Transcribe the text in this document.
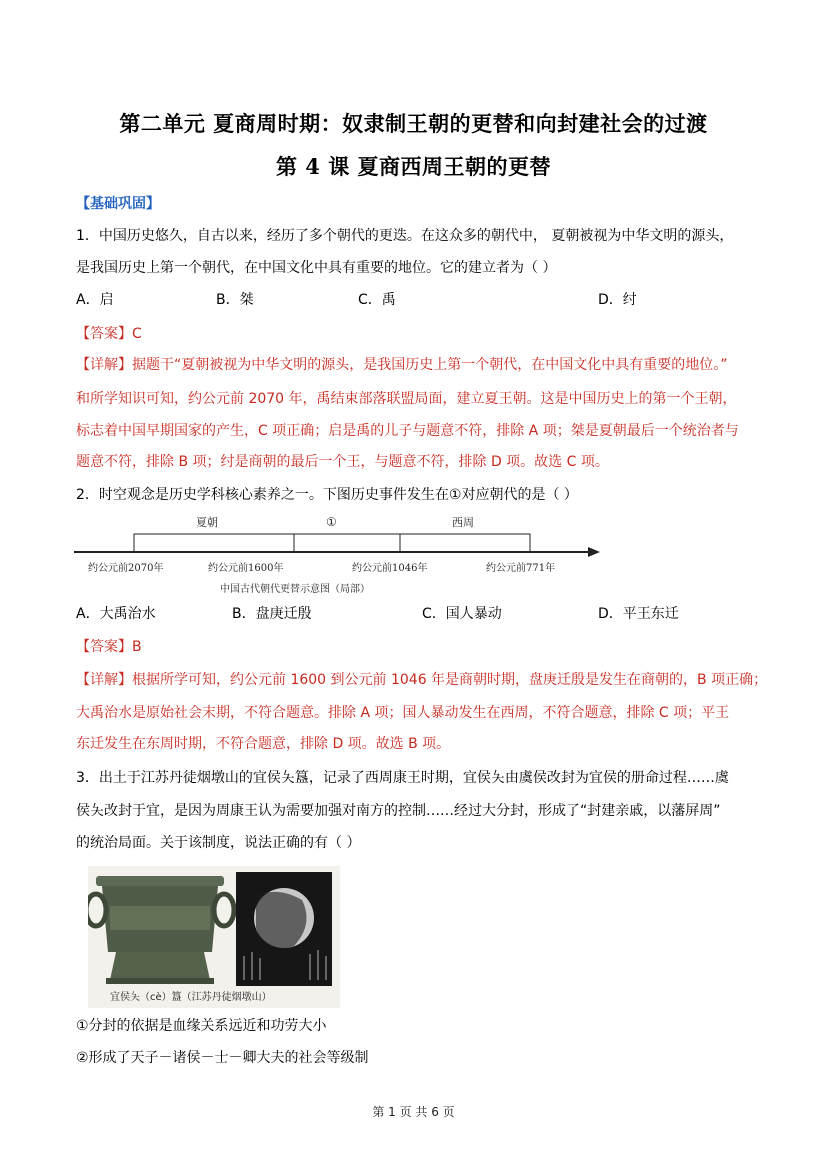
第二单元 夏商周时期：奴隶制王朝的更替和向封建社会的过渡
第 4 课 夏商西周王朝的更替
【基础巩固】
1．中国历史悠久，自古以来，经历了多个朝代的更迭。在这众多的朝代中， 夏朝被视为中华文明的源头，
是我国历史上第一个朝代，在中国文化中具有重要的地位。它的建立者为（ ）
A．启	B．桀	C．禹	D．纣
【答案】C
【详解】据题干“夏朝被视为中华文明的源头，是我国历史上第一个朝代，在中国文化中具有重要的地位。”
和所学知识可知，约公元前 2070 年，禹结束部落联盟局面，建立夏王朝。这是中国历史上的第一个王朝，
标志着中国早期国家的产生，C 项正确；启是禹的儿子与题意不符，排除 A 项；桀是夏朝最后一个统治者与
题意不符，排除 B 项；纣是商朝的最后一个王，与题意不符，排除 D 项。故选 C 项。
2．时空观念是历史学科核心素养之一。下图历史事件发生在①对应朝代的是（ ）
夏朝	①	西周
约公元前2070年	约公元前1600年	约公元前1046年	约公元前771年
中国古代朝代更替示意图（局部）
A．大禹治水	B．盘庚迁殷	C．国人暴动	D．平王东迁
【答案】B
【详解】根据所学可知，约公元前 1600 到公元前 1046 年是商朝时期，盘庚迁殷是发生在商朝的，B 项正确；
大禹治水是原始社会末期，不符合题意。排除 A 项；国人暴动发生在西周，不符合题意，排除 C 项；平王
东迁发生在东周时期，不符合题意，排除 D 项。故选 B 项。
3．出土于江苏丹徒烟墩山的宜侯夨簋，记录了西周康王时期，宜侯夨由虞侯改封为宜侯的册命过程……虞
侯夨改封于宜，是因为周康王认为需要加强对南方的控制……经过大分封，形成了“封建亲戚，以藩屏周”
的统治局面。关于该制度，说法正确的有（ ）
宜侯夨（cè）簋（江苏丹徒烟墩山）
①分封的依据是血缘关系远近和功劳大小
②形成了天子－诸侯－士－卿大夫的社会等级制
第 1 页 共 6 页
